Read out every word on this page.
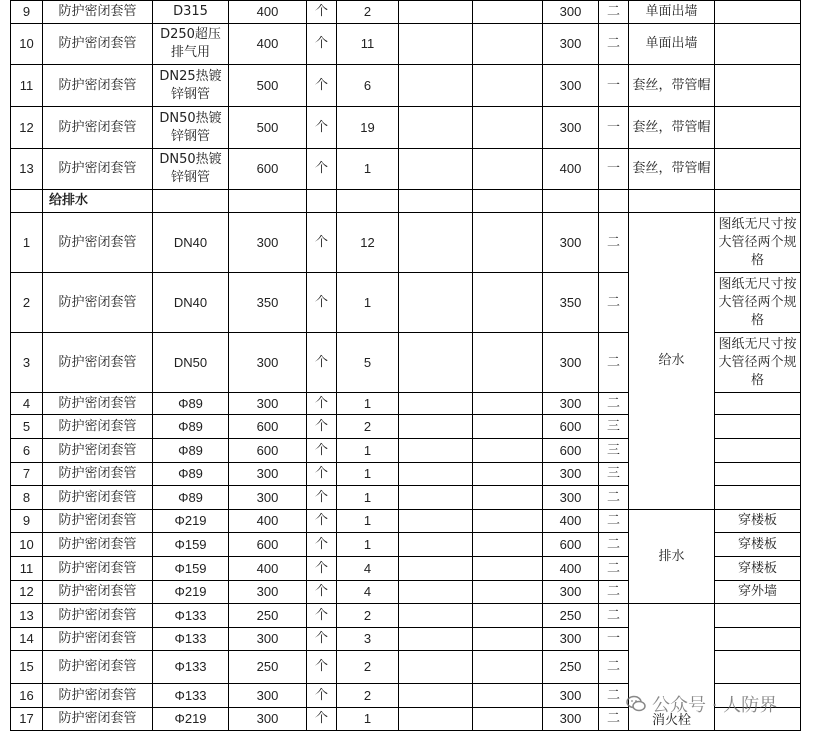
9	防护密闭套管	D315	400	个	2			300	二	单面出墙	
10	防护密闭套管	D250超压排气用	400	个	11			300	二	单面出墙	
11	防护密闭套管	DN25热镀锌钢管	500	个	6			300	一	套丝，带管帽	
12	防护密闭套管	DN50热镀锌钢管	500	个	19			300	一	套丝，带管帽	
13	防护密闭套管	DN50热镀锌钢管	600	个	1			400	一	套丝，带管帽	
	给排水										
1	防护密闭套管	DN40	300	个	12			300	二	给水	图纸无尺寸按大管径两个规格
2	防护密闭套管	DN40	350	个	1			350	二		图纸无尺寸按大管径两个规格
3	防护密闭套管	DN50	300	个	5			300	二		图纸无尺寸按大管径两个规格
4	防护密闭套管	Φ89	300	个	1			300	二		
5	防护密闭套管	Φ89	600	个	2			600	三		
6	防护密闭套管	Φ89	600	个	1			600	三		
7	防护密闭套管	Φ89	300	个	1			300	三		
8	防护密闭套管	Φ89	300	个	1			300	二		
9	防护密闭套管	Φ219	400	个	1			400	二	排水	穿楼板
10	防护密闭套管	Φ159	600	个	1			600	二		穿楼板
11	防护密闭套管	Φ159	400	个	4			400	二		穿楼板
12	防护密闭套管	Φ219	300	个	4			300	二		穿外墙
13	防护密闭套管	Φ133	250	个	2			250	二	消火栓	
14	防护密闭套管	Φ133	300	个	3			300	一		
15	防护密闭套管	Φ133	250	个	2			250	二		
16	防护密闭套管	Φ133	300	个	2			300	二		
17	防护密闭套管	Φ219	300	个	1			300	二		
公众号 · 人防界
